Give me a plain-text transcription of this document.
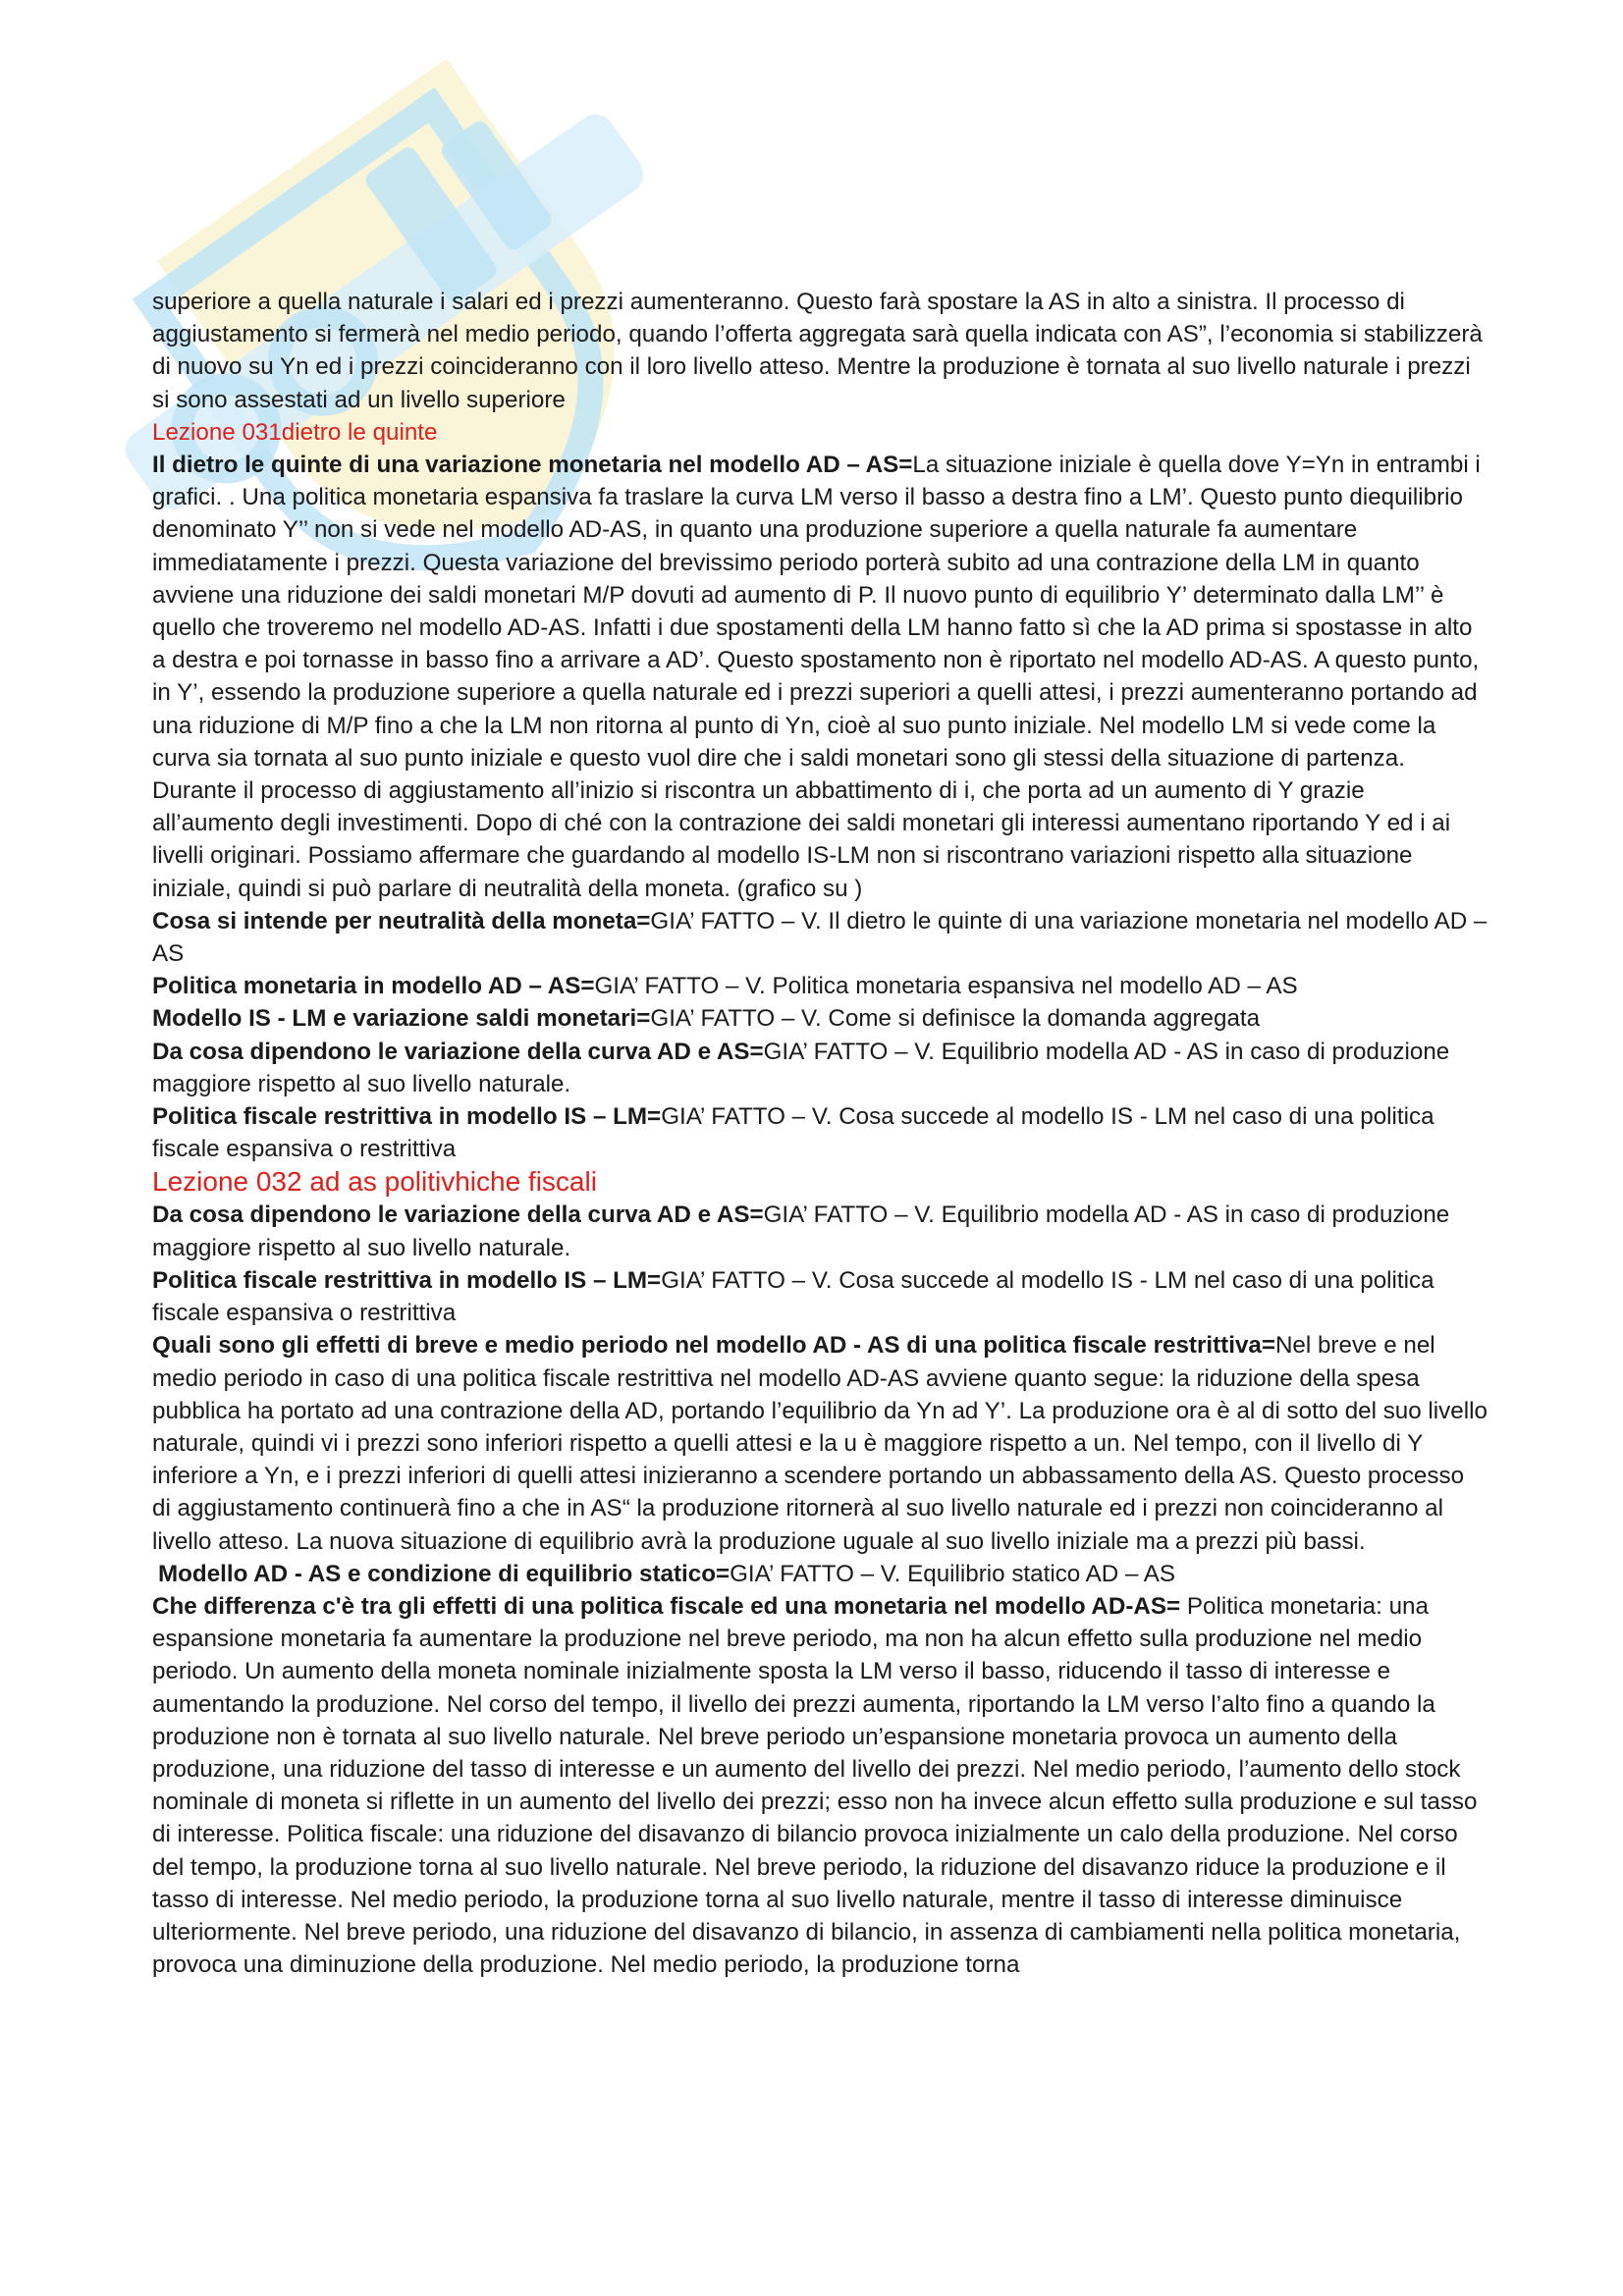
superiore a quella naturale i salari ed i prezzi aumenteranno. Questo farà spostare la AS in alto a sinistra. Il processo di aggiustamento si fermerà nel medio periodo, quando l’offerta aggregata sarà quella indicata con AS”, l’economia si stabilizzerà di nuovo su Yn ed i prezzi coincideranno con il loro livello atteso. Mentre la produzione è tornata al suo livello naturale i prezzi si sono assestati ad un livello superiore

Lezione 031dietro le quinte

Il dietro le quinte di una variazione monetaria nel modello AD – AS=La situazione iniziale è quella dove Y=Yn in entrambi i grafici. . Una politica monetaria espansiva fa traslare la curva LM verso il basso a destra fino a LM’. Questo punto diequilibrio denominato Y’’ non si vede nel modello AD-AS, in quanto una produzione superiore a quella naturale fa aumentare immediatamente i prezzi. Questa variazione del brevissimo periodo porterà subito ad una contrazione della LM in quanto avviene una riduzione dei saldi monetari M/P dovuti ad aumento di P. Il nuovo punto di equilibrio Y’ determinato dalla LM’’ è quello che troveremo nel modello AD-AS. Infatti i due spostamenti della LM hanno fatto sì che la AD prima si spostasse in alto a destra e poi tornasse in basso fino a arrivare a AD’. Questo spostamento non è riportato nel modello AD-AS. A questo punto, in Y’, essendo la produzione superiore a quella naturale ed i prezzi superiori a quelli attesi, i prezzi aumenteranno portando ad una riduzione di M/P fino a che la LM non ritorna al punto di Yn, cioè al suo punto iniziale. Nel modello LM si vede come la curva sia tornata al suo punto iniziale e questo vuol dire che i saldi monetari sono gli stessi della situazione di partenza. Durante il processo di aggiustamento all’inizio si riscontra un abbattimento di i, che porta ad un aumento di Y grazie all’aumento degli investimenti. Dopo di ché con la contrazione dei saldi monetari gli interessi aumentano riportando Y ed i ai livelli originari. Possiamo affermare che guardando al modello IS-LM non si riscontrano variazioni rispetto alla situazione iniziale, quindi si può parlare di neutralità della moneta. (grafico su )

Cosa si intende per neutralità della moneta=GIA’ FATTO – V. Il dietro le quinte di una variazione monetaria nel modello AD – AS

Politica monetaria in modello AD – AS=GIA’ FATTO – V. Politica monetaria espansiva nel modello AD – AS

Modello IS - LM e variazione saldi monetari=GIA’ FATTO – V. Come si definisce la domanda aggregata

Da cosa dipendono le variazione della curva AD e AS=GIA’ FATTO – V. Equilibrio modella AD - AS in caso di produzione maggiore rispetto al suo livello naturale.

Politica fiscale restrittiva in modello IS – LM=GIA’ FATTO – V. Cosa succede al modello IS - LM nel caso di una politica fiscale espansiva o restrittiva

Lezione 032 ad as politivhiche fiscali

Da cosa dipendono le variazione della curva AD e AS=GIA’ FATTO – V. Equilibrio modella AD - AS in caso di produzione maggiore rispetto al suo livello naturale.

Politica fiscale restrittiva in modello IS – LM=GIA’ FATTO – V. Cosa succede al modello IS - LM nel caso di una politica fiscale espansiva o restrittiva

Quali sono gli effetti di breve e medio periodo nel modello AD - AS di una politica fiscale restrittiva=Nel breve e nel medio periodo in caso di una politica fiscale restrittiva nel modello AD-AS avviene quanto segue: la riduzione della spesa pubblica ha portato ad una contrazione della AD, portando l’equilibrio da Yn ad Y’. La produzione ora è al di sotto del suo livello naturale, quindi vi i prezzi sono inferiori rispetto a quelli attesi e la u è maggiore rispetto a un. Nel tempo, con il livello di Y inferiore a Yn, e i prezzi inferiori di quelli attesi inizieranno a scendere portando un abbassamento della AS. Questo processo di aggiustamento continuerà fino a che in AS“ la produzione ritornerà al suo livello naturale ed i prezzi non coincideranno al livello atteso. La nuova situazione di equilibrio avrà la produzione uguale al suo livello iniziale ma a prezzi più bassi.

Modello AD - AS e condizione di equilibrio statico=GIA’ FATTO – V. Equilibrio statico AD – AS

Che differenza c'è tra gli effetti di una politica fiscale ed una monetaria nel modello AD-AS= Politica monetaria: una espansione monetaria fa aumentare la produzione nel breve periodo, ma non ha alcun effetto sulla produzione nel medio periodo. Un aumento della moneta nominale inizialmente sposta la LM verso il basso, riducendo il tasso di interesse e aumentando la produzione. Nel corso del tempo, il livello dei prezzi aumenta, riportando la LM verso l’alto fino a quando la produzione non è tornata al suo livello naturale. Nel breve periodo un’espansione monetaria provoca un aumento della produzione, una riduzione del tasso di interesse e un aumento del livello dei prezzi. Nel medio periodo, l’aumento dello stock nominale di moneta si riflette in un aumento del livello dei prezzi; esso non ha invece alcun effetto sulla produzione e sul tasso di interesse. Politica fiscale: una riduzione del disavanzo di bilancio provoca inizialmente un calo della produzione. Nel corso del tempo, la produzione torna al suo livello naturale. Nel breve periodo, la riduzione del disavanzo riduce la produzione e il tasso di interesse. Nel medio periodo, la produzione torna al suo livello naturale, mentre il tasso di interesse diminuisce ulteriormente. Nel breve periodo, una riduzione del disavanzo di bilancio, in assenza di cambiamenti nella politica monetaria, provoca una diminuzione della produzione. Nel medio periodo, la produzione torna
